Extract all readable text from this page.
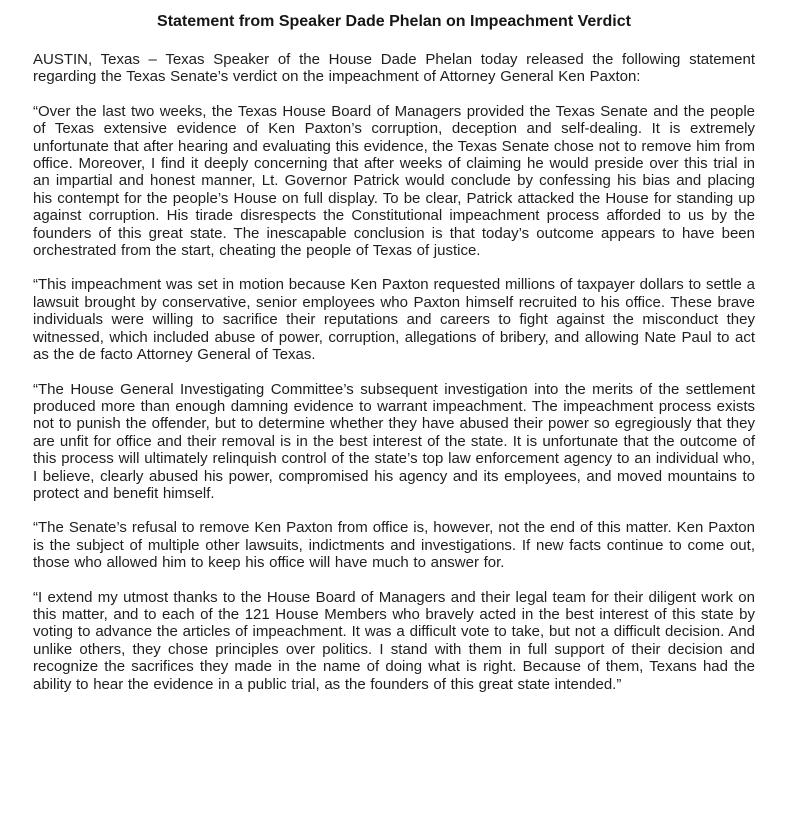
Statement from Speaker Dade Phelan on Impeachment Verdict

AUSTIN, Texas – Texas Speaker of the House Dade Phelan today released the following statement regarding the Texas Senate’s verdict on the impeachment of Attorney General Ken Paxton:

“Over the last two weeks, the Texas House Board of Managers provided the Texas Senate and the people of Texas extensive evidence of Ken Paxton’s corruption, deception and self-dealing. It is extremely unfortunate that after hearing and evaluating this evidence, the Texas Senate chose not to remove him from office. Moreover, I find it deeply concerning that after weeks of claiming he would preside over this trial in an impartial and honest manner, Lt. Governor Patrick would conclude by confessing his bias and placing his contempt for the people’s House on full display. To be clear, Patrick attacked the House for standing up against corruption. His tirade disrespects the Constitutional impeachment process afforded to us by the founders of this great state. The inescapable conclusion is that today’s outcome appears to have been orchestrated from the start, cheating the people of Texas of justice.

“This impeachment was set in motion because Ken Paxton requested millions of taxpayer dollars to settle a lawsuit brought by conservative, senior employees who Paxton himself recruited to his office. These brave individuals were willing to sacrifice their reputations and careers to fight against the misconduct they witnessed, which included abuse of power, corruption, allegations of bribery, and allowing Nate Paul to act as the de facto Attorney General of Texas.

“The House General Investigating Committee’s subsequent investigation into the merits of the settlement produced more than enough damning evidence to warrant impeachment. The impeachment process exists not to punish the offender, but to determine whether they have abused their power so egregiously that they are unfit for office and their removal is in the best interest of the state. It is unfortunate that the outcome of this process will ultimately relinquish control of the state’s top law enforcement agency to an individual who, I believe, clearly abused his power, compromised his agency and its employees, and moved mountains to protect and benefit himself.

“The Senate’s refusal to remove Ken Paxton from office is, however, not the end of this matter. Ken Paxton is the subject of multiple other lawsuits, indictments and investigations. If new facts continue to come out, those who allowed him to keep his office will have much to answer for.

“I extend my utmost thanks to the House Board of Managers and their legal team for their diligent work on this matter, and to each of the 121 House Members who bravely acted in the best interest of this state by voting to advance the articles of impeachment. It was a difficult vote to take, but not a difficult decision. And unlike others, they chose principles over politics. I stand with them in full support of their decision and recognize the sacrifices they made in the name of doing what is right. Because of them, Texans had the ability to hear the evidence in a public trial, as the founders of this great state intended.”
